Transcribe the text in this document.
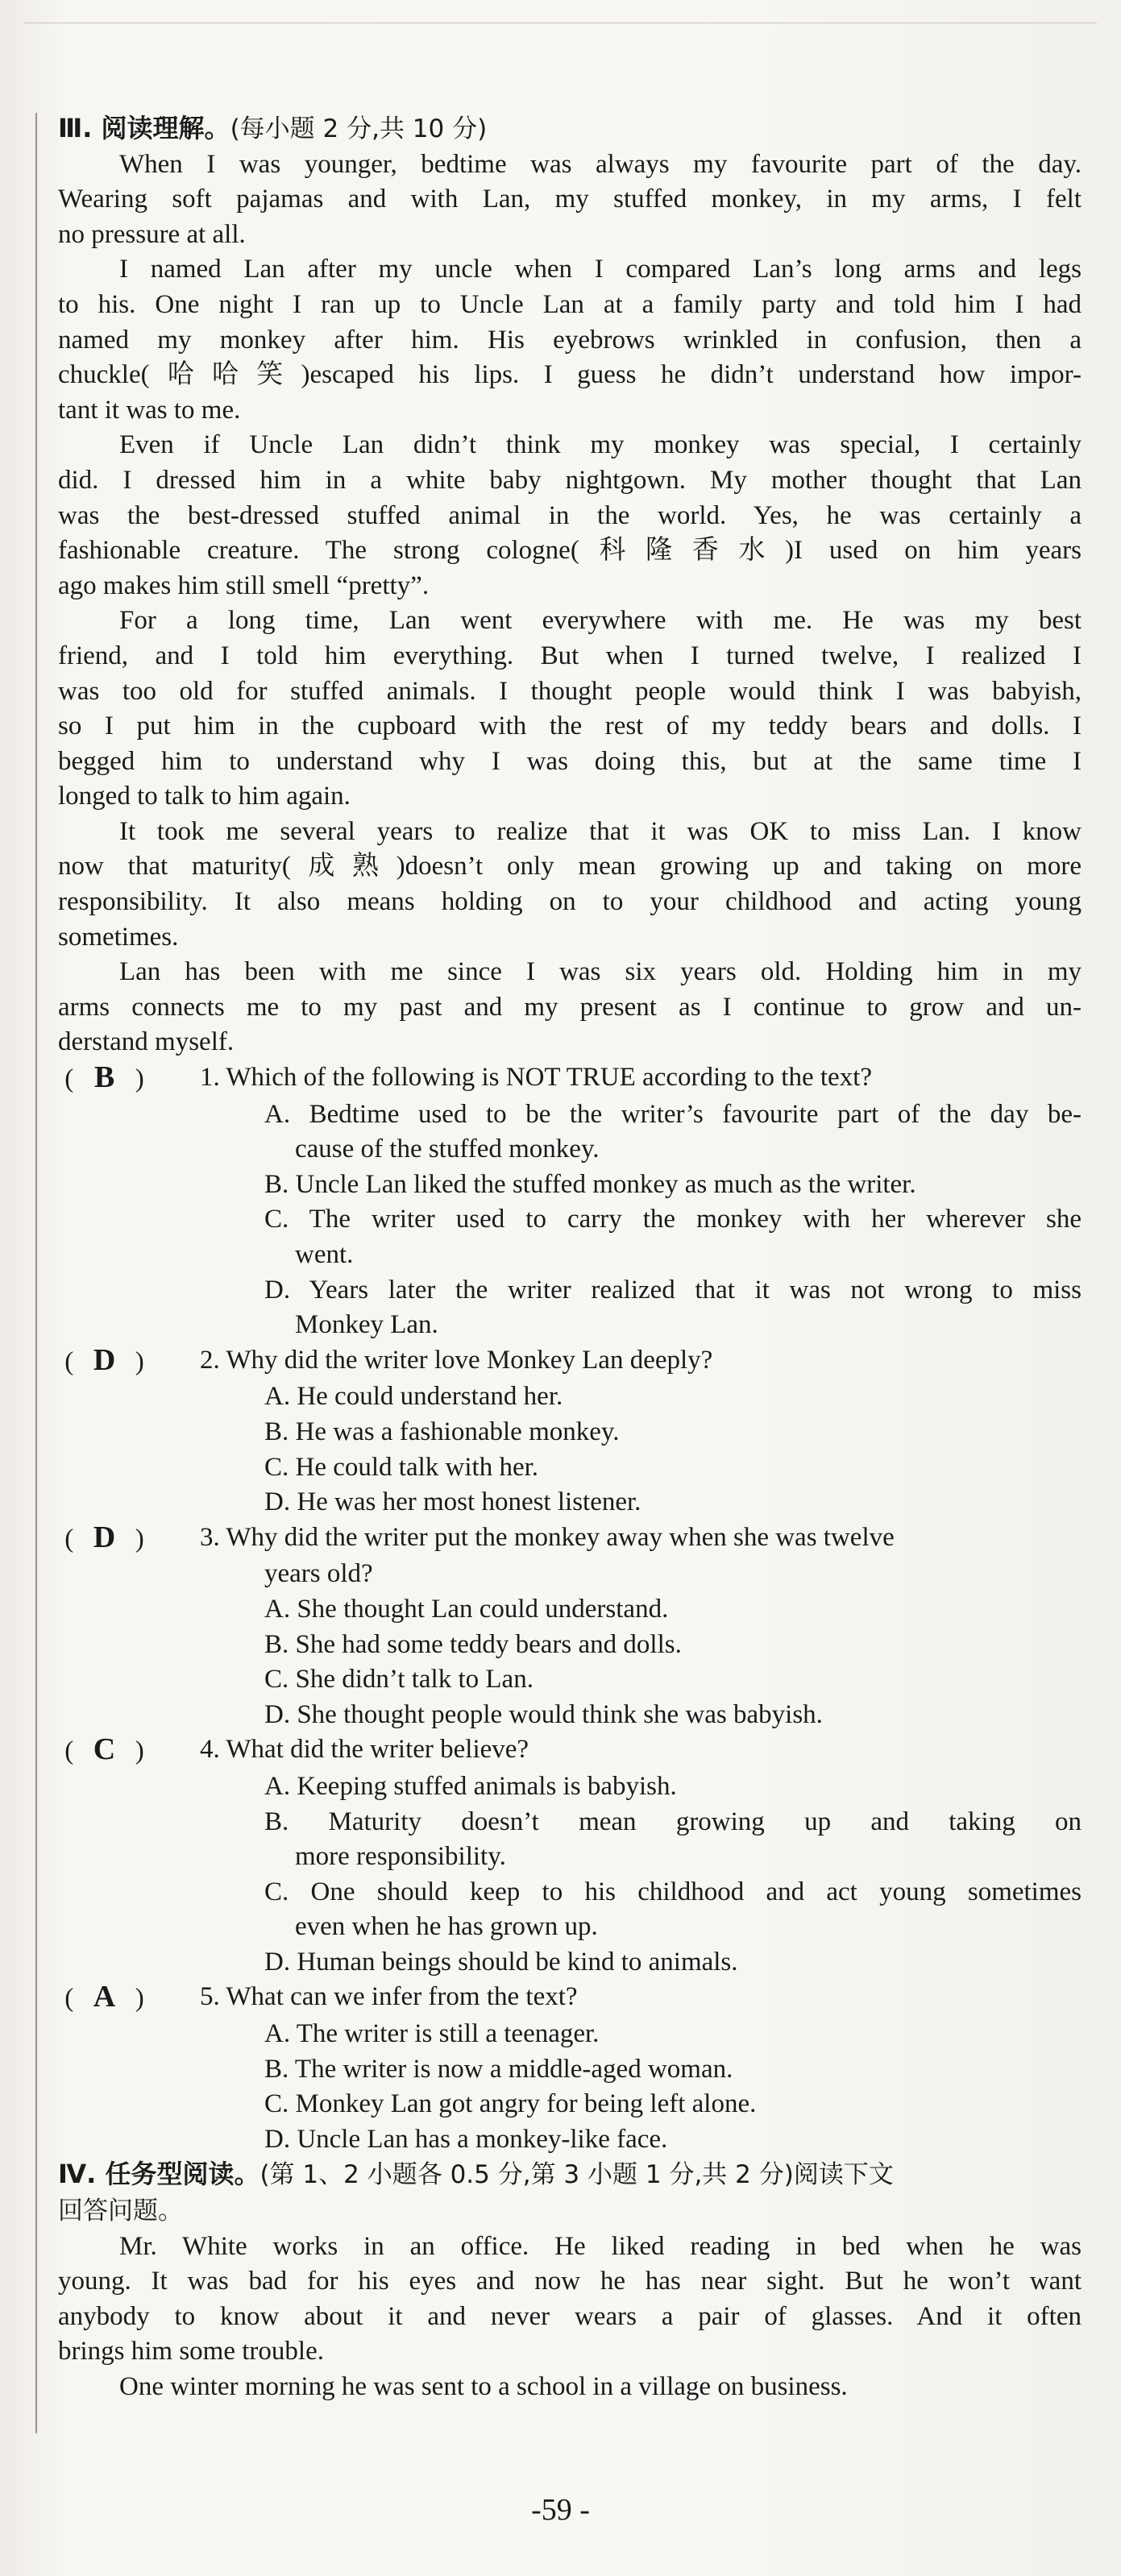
Ⅲ. 阅读理解。(每小题 2 分,共 10 分)
When I was younger, bedtime was always my favourite part of the day.
Wearing soft pajamas and with Lan, my stuffed monkey, in my arms, I felt
no pressure at all.
I named Lan after my uncle when I compared Lan’s long arms and legs
to his. One night I ran up to Uncle Lan at a family party and told him I had
named my monkey after him. His eyebrows wrinkled in confusion, then a
chuckle(哈哈笑)escaped his lips. I guess he didn’t understand how impor-
tant it was to me.
Even if Uncle Lan didn’t think my monkey was special, I certainly
did. I dressed him in a white baby nightgown. My mother thought that Lan
was the best-dressed stuffed animal in the world. Yes, he was certainly a
fashionable creature. The strong cologne(科隆香水)I used on him years
ago makes him still smell “pretty”.
For a long time, Lan went everywhere with me. He was my best
friend, and I told him everything. But when I turned twelve, I realized I
was too old for stuffed animals. I thought people would think I was babyish,
so I put him in the cupboard with the rest of my teddy bears and dolls. I
begged him to understand why I was doing this, but at the same time I
longed to talk to him again.
It took me several years to realize that it was OK to miss Lan. I know
now that maturity(成熟)doesn’t only mean growing up and taking on more
responsibility. It also means holding on to your childhood and acting young
sometimes.
Lan has been with me since I was six years old. Holding him in my
arms connects me to my past and my present as I continue to grow and un-
derstand myself.
( B )	1. Which of the following is NOT TRUE according to the text?
A. Bedtime used to be the writer’s favourite part of the day be-
cause of the stuffed monkey.
B. Uncle Lan liked the stuffed monkey as much as the writer.
C. The writer used to carry the monkey with her wherever she
went.
D. Years later the writer realized that it was not wrong to miss
Monkey Lan.
( D )	2. Why did the writer love Monkey Lan deeply?
A. He could understand her.
B. He was a fashionable monkey.
C. He could talk with her.
D. He was her most honest listener.
( D )	3. Why did the writer put the monkey away when she was twelve
years old?
A. She thought Lan could understand.
B. She had some teddy bears and dolls.
C. She didn’t talk to Lan.
D. She thought people would think she was babyish.
( C )	4. What did the writer believe?
A. Keeping stuffed animals is babyish.
B. Maturity doesn’t mean growing up and taking on
more responsibility.
C. One should keep to his childhood and act young sometimes
even when he has grown up.
D. Human beings should be kind to animals.
( A )	5. What can we infer from the text?
A. The writer is still a teenager.
B. The writer is now a middle-aged woman.
C. Monkey Lan got angry for being left alone.
D. Uncle Lan has a monkey-like face.
Ⅳ. 任务型阅读。(第 1、2 小题各 0.5 分,第 3 小题 1 分,共 2 分)阅读下文
回答问题。
Mr. White works in an office. He liked reading in bed when he was
young. It was bad for his eyes and now he has near sight. But he won’t want
anybody to know about it and never wears a pair of glasses. And it often
brings him some trouble.
One winter morning he was sent to a school in a village on business.
-59 -
